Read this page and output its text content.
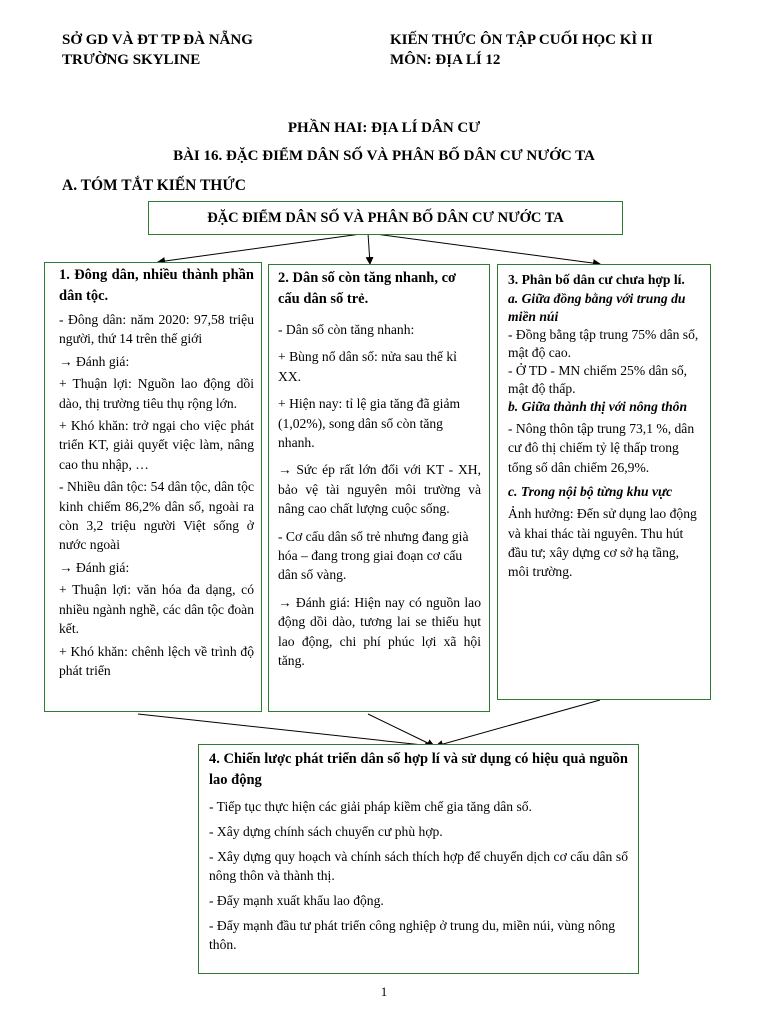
SỞ GD VÀ ĐT TP ĐÀ NẴNG
TRƯỜNG SKYLINE
KIẾN THỨC ÔN TẬP CUỐI HỌC KÌ II
MÔN: ĐỊA LÍ 12
PHẦN HAI: ĐỊA LÍ DÂN CƯ
BÀI 16. ĐẶC ĐIỂM DÂN SỐ VÀ PHÂN BỐ DÂN CƯ NƯỚC TA
A. TÓM TẮT KIẾN THỨC
ĐẶC ĐIỂM DÂN SỐ VÀ PHÂN BỐ DÂN CƯ NƯỚC TA

1. Đông dân, nhiều thành phần dân tộc.

- Đông dân: năm 2020: 97,58 triệu người, thứ 14 trên thế giới

→ Đánh giá:

+ Thuận lợi: Nguồn lao động dồi dào, thị trường tiêu thụ rộng lớn.

+ Khó khăn: trở ngại cho việc phát triển KT, giải quyết việc làm, nâng cao thu nhập, …

- Nhiều dân tộc: 54 dân tộc, dân tộc kinh chiếm 86,2% dân số, ngoài ra còn 3,2 triệu người Việt sống ở nước ngoài

→ Đánh giá:

+ Thuận lợi: văn hóa đa dạng, có nhiều ngành nghề, các dân tộc đoàn kết.

+ Khó khăn: chênh lệch về trình độ phát triển

2. Dân số còn tăng nhanh, cơ cấu dân số trẻ.

- Dân số còn tăng nhanh:

+ Bùng nổ dân số: nửa sau thế kỉ XX.

+ Hiện nay: tỉ lệ gia tăng đã giảm (1,02%), song dân số còn tăng nhanh.

→ Sức ép rất lớn đối với KT - XH, bảo vệ tài nguyên môi trường và nâng cao chất lượng cuộc sống.

- Cơ cấu dân số trẻ nhưng đang già hóa – đang trong giai đoạn cơ cấu dân số vàng.

→ Đánh giá: Hiện nay có nguồn lao động dồi dào, tương lai se thiếu hụt lao động, chi phí phúc lợi xã hội tăng.

3. Phân bố dân cư chưa hợp lí.

a. Giữa đồng bằng với trung du miền núi

- Đồng bằng tập trung 75% dân số, mật độ cao.

- Ở TD - MN chiếm 25% dân số, mật độ thấp.

b. Giữa thành thị với nông thôn

- Nông thôn tập trung 73,1 %, dân cư đô thị chiếm tỷ lệ thấp trong tổng số dân chiếm 26,9%.

c. Trong nội bộ từng khu vực

Ảnh hưởng: Đến sử dụng lao động và khai thác tài nguyên. Thu hút đầu tư; xây dựng cơ sở hạ tầng, môi trường.

4. Chiến lược phát triển dân số hợp lí và sử dụng có hiệu quả nguồn lao động

- Tiếp tục thực hiện các giải pháp kiềm chế gia tăng dân số.

- Xây dựng chính sách chuyển cư phù hợp.

- Xây dựng quy hoạch và chính sách thích hợp để chuyển dịch cơ cấu dân số nông thôn và thành thị.

- Đẩy mạnh xuất khẩu lao động.

- Đẩy mạnh đầu tư phát triển công nghiệp ở trung du, miền núi, vùng nông thôn.

1
